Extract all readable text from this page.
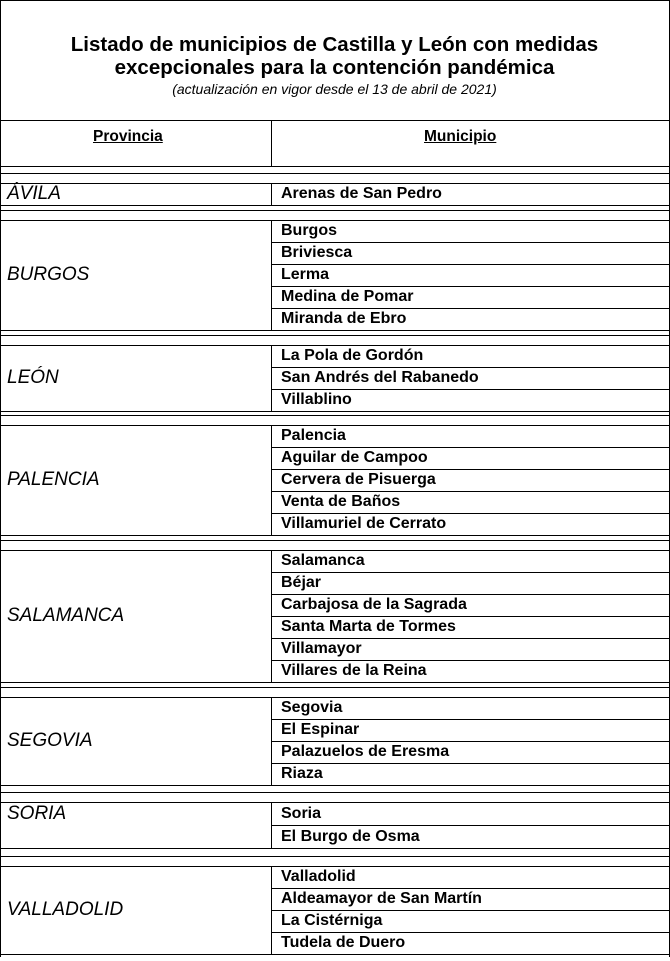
Listado de municipios de Castilla y León con medidas
excepcionales para la contención pandémica
(actualización en vigor desde el 13 de abril de 2021)
Provincia	Municipio
Arenas de San Pedro
ÁVILA
Burgos
Briviesca
Lerma
Medina de Pomar
Miranda de Ebro
BURGOS
La Pola de Gordón
San Andrés del Rabanedo
Villablino
LEÓN
Palencia
Aguilar de Campoo
Cervera de Pisuerga
Venta de Baños
Villamuriel de Cerrato
PALENCIA
Salamanca
Béjar
Carbajosa de la Sagrada
Santa Marta de Tormes
Villamayor
Villares de la Reina
SALAMANCA
Segovia
El Espinar
Palazuelos de Eresma
Riaza
SEGOVIA
Soria
El Burgo de Osma
SORIA
Valladolid
Aldeamayor de San Martín
La Cistérniga
Tudela de Duero
VALLADOLID
